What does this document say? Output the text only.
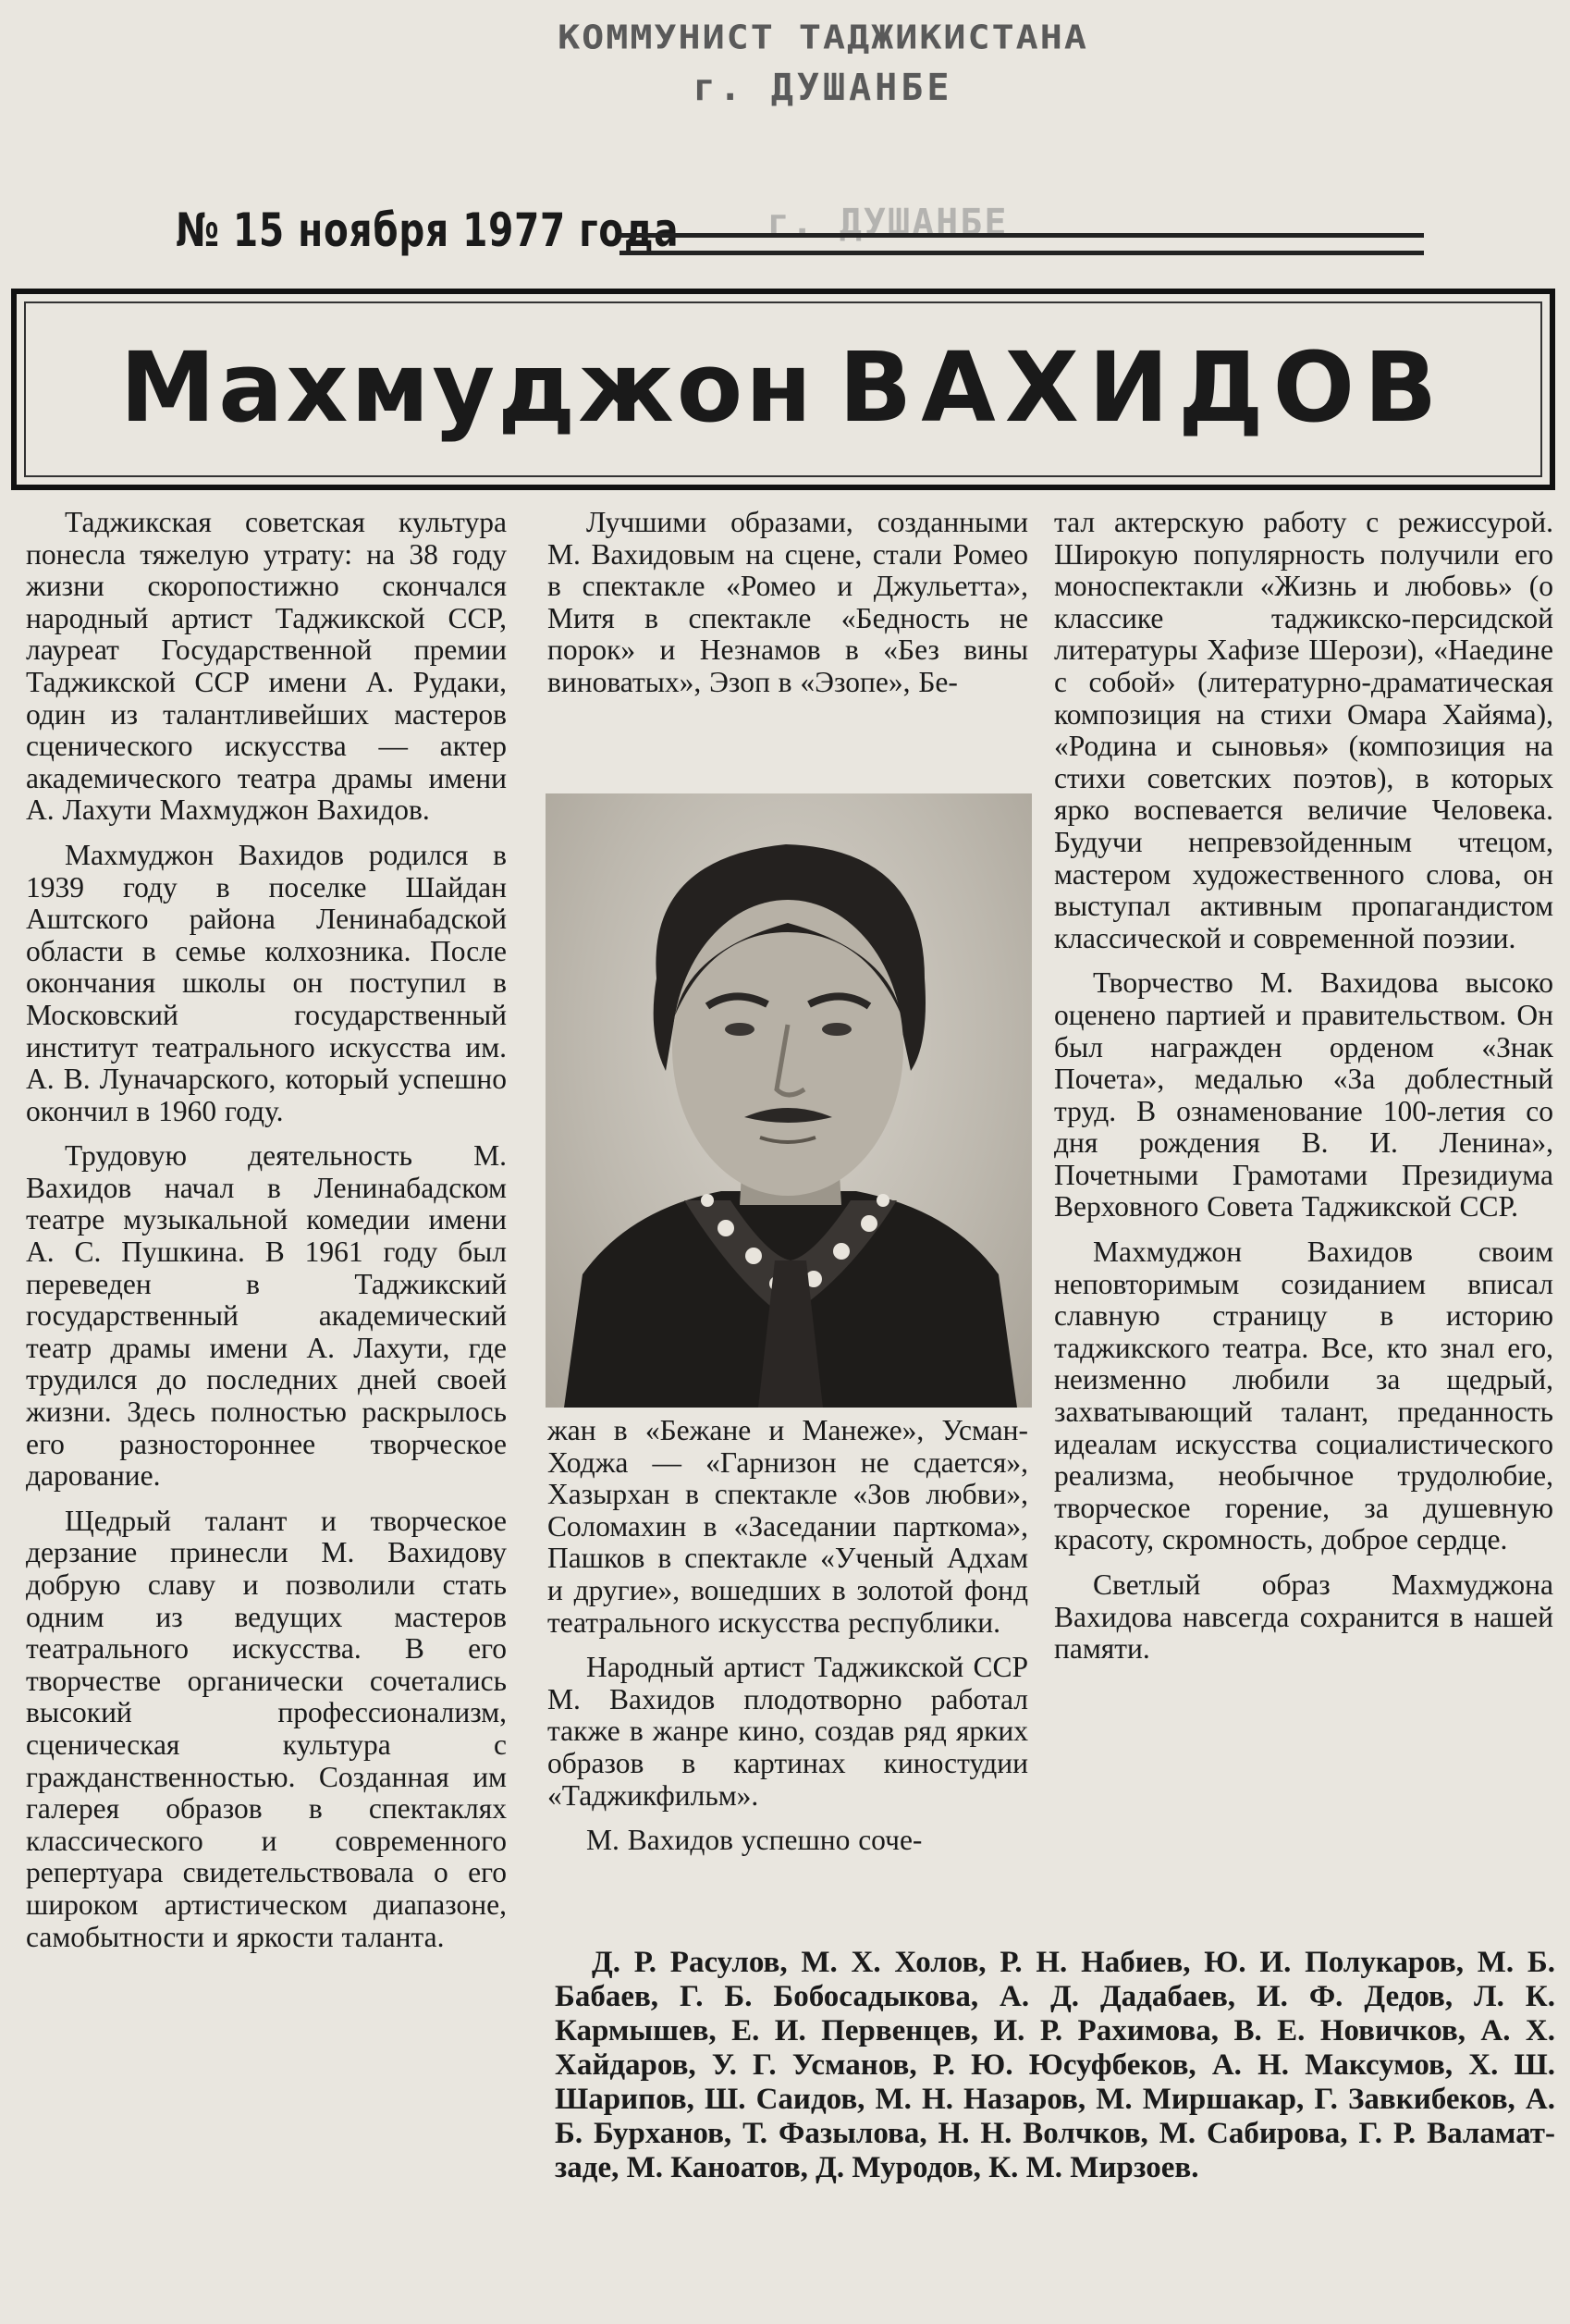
КОММУНИСТ ТАДЖИКИСТАНА
г. ДУШАНБЕ
г. ДУШАНБЕ
№ 15 ноября 1977 года
Махмуджон ВАХИДОВ

Таджикская советская культура понесла тяжелую утрату: на 38 году жизни скоропостижно скончался народный артист Таджикской ССР, лауреат Государственной премии Таджикской ССР имени А. Рудаки, один из талантливейших мастеров сценического искусства — актер академического театра драмы имени А. Лахути Махмуджон Вахидов.

Махмуджон Вахидов родился в 1939 году в поселке Шайдан Аштского района Ленинабадской области в семье колхозника. После окончания школы он поступил в Московский государственный институт театрального искусства им. А. В. Луначарского, который успешно окончил в 1960 году.

Трудовую деятельность М. Вахидов начал в Ленинабадском театре музыкальной комедии имени А. С. Пушкина. В 1961 году был переведен в Таджикский государственный академический театр драмы имени А. Лахути, где трудился до последних дней своей жизни. Здесь полностью раскрылось его разностороннее творческое дарование.

Щедрый талант и творческое дерзание принесли М. Вахидову добрую славу и позволили стать одним из ведущих мастеров театрального искусства. В его творчестве органически сочетались высокий профессионализм, сценическая культура с гражданственностью. Созданная им галерея образов в спектаклях классического и современного репертуара свидетельствовала о его широком артистическом диапазоне, самобытности и яркости таланта.

Лучшими образами, созданными М. Вахидовым на сцене, стали Ромео в спектакле «Ромео и Джульетта», Митя в спектакле «Бедность не порок» и Незнамов в «Без вины виноватых», Эзоп в «Эзопе», Бе-

жан в «Бежане и Манеже», Усман-Ходжа — «Гарнизон не сдается», Хазырхан в спектакле «Зов любви», Соломахин в «Заседании парткома», Пашков в спектакле «Ученый Адхам и другие», вошедших в золотой фонд театрального искусства республики.

Народный артист Таджикской ССР М. Вахидов плодотворно работал также в жанре кино, создав ряд ярких образов в картинах киностудии «Таджикфильм».

М. Вахидов успешно соче-

тал актерскую работу с режиссурой. Широкую популярность получили его моноспектакли «Жизнь и любовь» (о классике таджикско-персидской литературы Хафизе Шерози), «Наедине с собой» (литературно-драматическая композиция на стихи Омара Хайяма), «Родина и сыновья» (композиция на стихи советских поэтов), в которых ярко воспевается величие Человека. Будучи непревзойденным чтецом, мастером художественного слова, он выступал активным пропагандистом классической и современной поэзии.

Творчество М. Вахидова высоко оценено партией и правительством. Он был награжден орденом «Знак Почета», медалью «За доблестный труд. В ознаменование 100-летия со дня рождения В. И. Ленина», Почетными Грамотами Президиума Верховного Совета Таджикской ССР.

Махмуджон Вахидов своим неповторимым созиданием вписал славную страницу в историю таджикского театра. Все, кто знал его, неизменно любили за щедрый, захватывающий талант, преданность идеалам искусства социалистического реализма, необычное трудолюбие, творческое горение, за душевную красоту, скромность, доброе сердце.

Светлый образ Махмуджона Вахидова навсегда сохранится в нашей памяти.

Д. Р. Расулов, М. Х. Холов, Р. Н. Набиев, Ю. И. Полукаров, М. Б. Бабаев, Г. Б. Бобосадыкова, А. Д. Дадабаев, И. Ф. Дедов, Л. К. Кармышев, Е. И. Первенцев, И. Р. Рахимова, В. Е. Новичков, А. Х. Хайдаров, У. Г. Усманов, Р. Ю. Юсуфбеков, А. Н. Максумов, Х. Ш. Шарипов, Ш. Саидов, М. Н. Назаров, М. Миршакар, Г. Завкибеков, А. Б. Бурханов, Т. Фазылова, Н. Н. Волчков, М. Сабирова, Г. Р. Валамат-заде, М. Каноатов, Д. Муродов, К. М. Мирзоев.
